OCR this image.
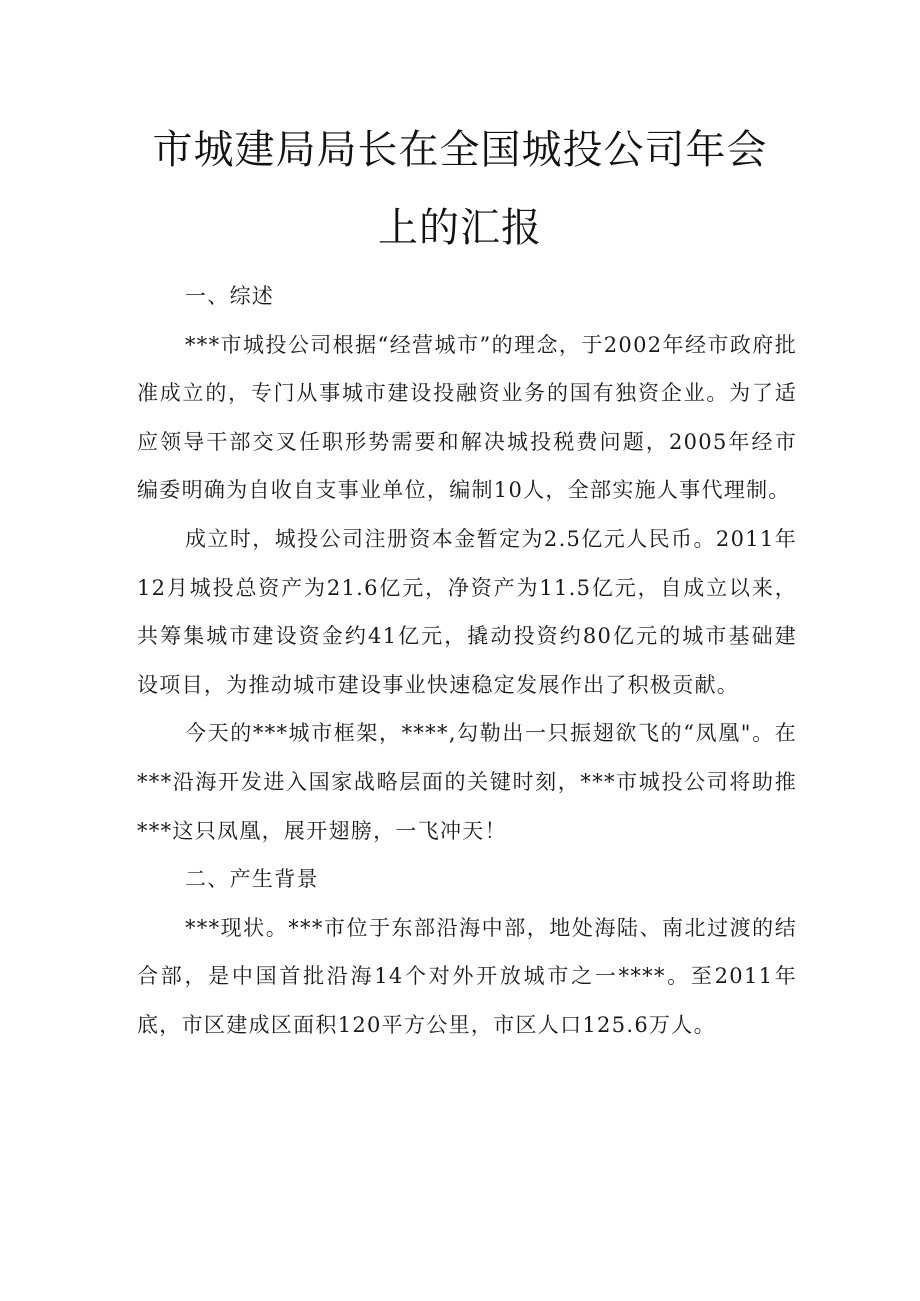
市城建局局长在全国城投公司年会
上的汇报

一、综述

***市城投公司根据“经营城市”的理念，于2002年经市政府批准成立的，专门从事城市建设投融资业务的国有独资企业。为了适应领导干部交叉任职形势需要和解决城投税费问题，2005年经市编委明确为自收自支事业单位，编制10人，全部实施人事代理制。

成立时，城投公司注册资本金暂定为2.5亿元人民币。2011年12月城投总资产为21.6亿元，净资产为11.5亿元，自成立以来，共筹集城市建设资金约41亿元，撬动投资约80亿元的城市基础建设项目，为推动城市建设事业快速稳定发展作出了积极贡献。

今天的***城市框架，****,勾勒出一只振翅欲飞的“凤凰"。在***沿海开发进入国家战略层面的关键时刻，***市城投公司将助推***这只凤凰，展开翅膀，一飞冲天！

二、产生背景

***现状。***市位于东部沿海中部，地处海陆、南北过渡的结合部，是中国首批沿海14个对外开放城市之一****。至2011年底，市区建成区面积120平方公里，市区人口125.6万人。
